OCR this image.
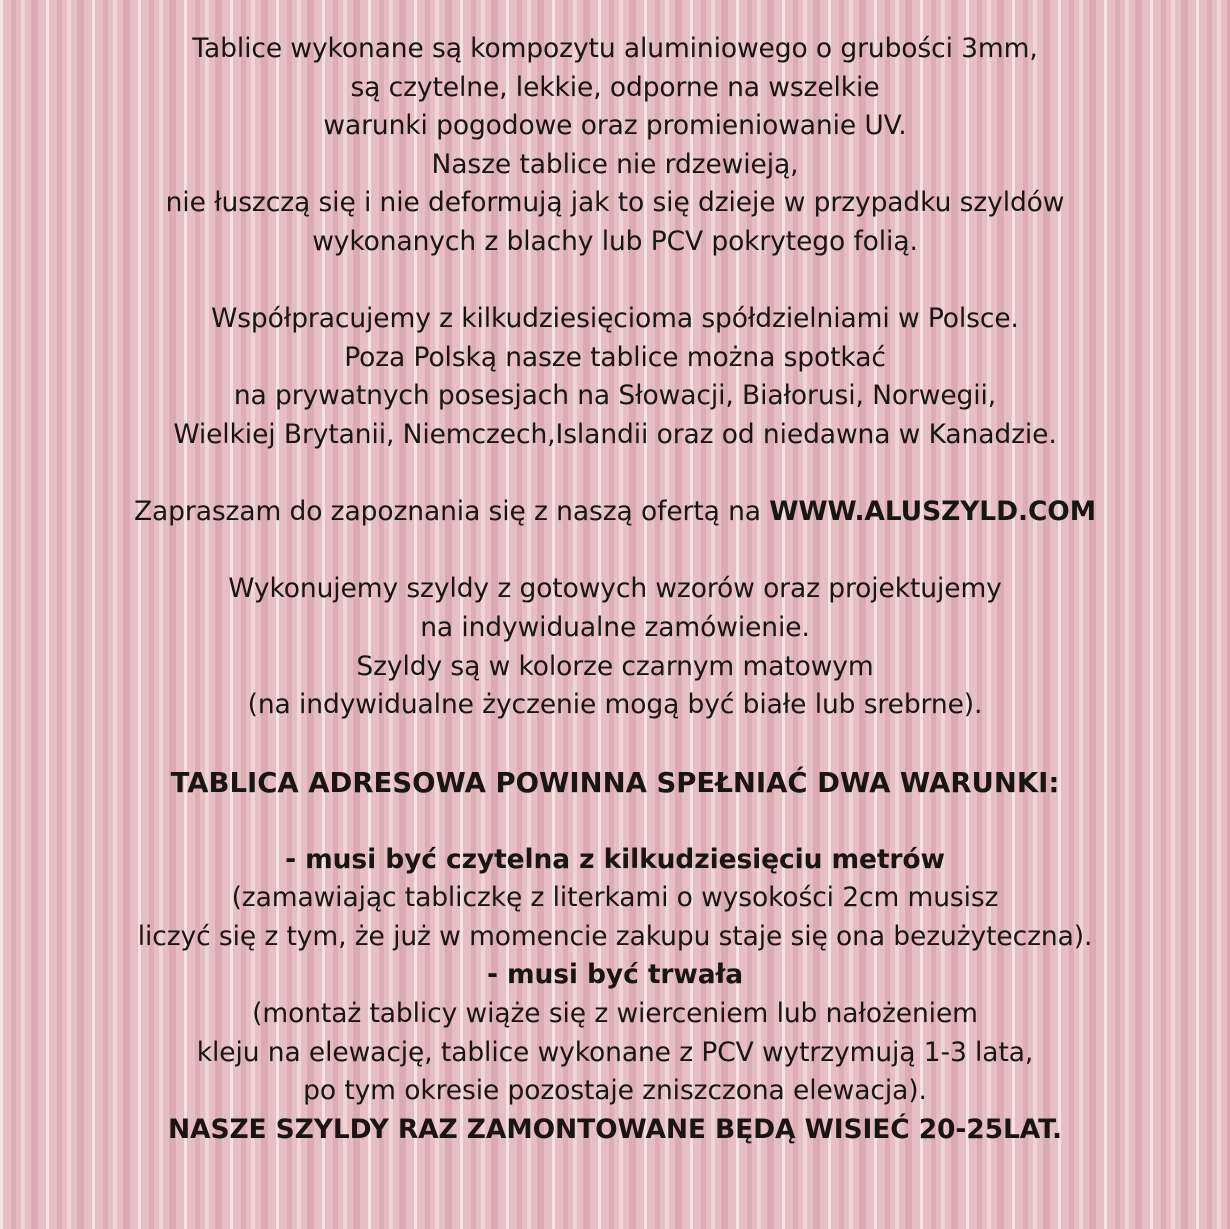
Tablice wykonane są kompozytu aluminiowego o grubości 3mm,
są czytelne, lekkie, odporne na wszelkie
warunki pogodowe oraz promieniowanie UV.
Nasze tablice nie rdzewieją,
nie łuszczą się i nie deformują jak to się dzieje w przypadku szyldów
wykonanych z blachy lub PCV pokrytego folią.
Współpracujemy z kilkudziesięcioma spółdzielniami w Polsce.
Poza Polską nasze tablice można spotkać
na prywatnych posesjach na Słowacji, Białorusi, Norwegii,
Wielkiej Brytanii, Niemczech,Islandii oraz od niedawna w Kanadzie.
Zapraszam do zapoznania się z naszą ofertą na WWW.ALUSZYLD.COM
Wykonujemy szyldy z gotowych wzorów oraz projektujemy
na indywidualne zamówienie.
Szyldy są w kolorze czarnym matowym
(na indywidualne życzenie mogą być białe lub srebrne).
TABLICA ADRESOWA POWINNA SPEŁNIAĆ DWA WARUNKI:
- musi być czytelna z kilkudziesięciu metrów
(zamawiając tabliczkę z literkami o wysokości 2cm musisz
liczyć się z tym, że już w momencie zakupu staje się ona bezużyteczna).
- musi być trwała
(montaż tablicy wiąże się z wierceniem lub nałożeniem
kleju na elewację, tablice wykonane z PCV wytrzymują 1-3 lata,
po tym okresie pozostaje zniszczona elewacja).
NASZE SZYLDY RAZ ZAMONTOWANE BĘDĄ WISIEĆ 20-25LAT.
